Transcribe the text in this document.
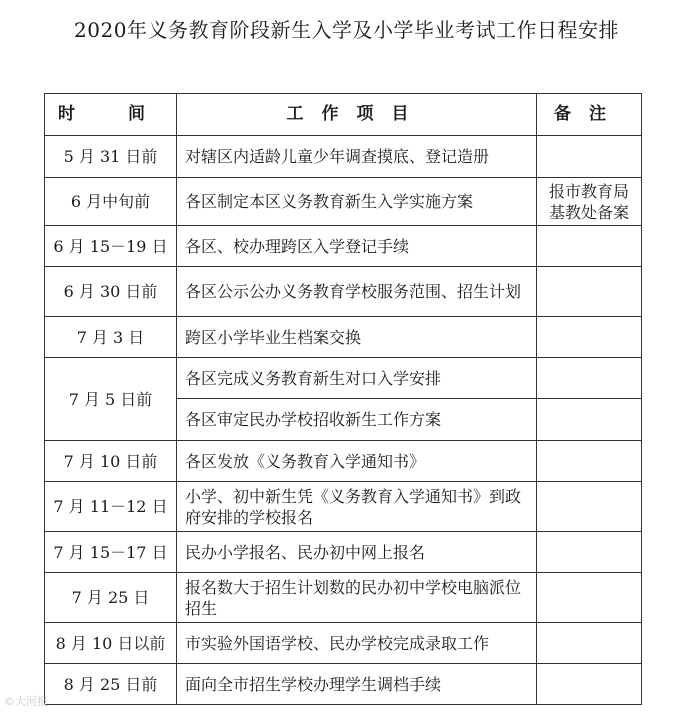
2020年义务教育阶段新生入学及小学毕业考试工作日程安排
时　间	工作项目	备注
5 月 31 日前	对辖区内适龄儿童少年调查摸底、登记造册	
6 月中旬前	各区制定本区义务教育新生入学实施方案	报市教育局基教处备案
6 月 15－19 日	各区、校办理跨区入学登记手续	
6 月 30 日前	各区公示公办义务教育学校服务范围、招生计划	
7 月 3 日	跨区小学毕业生档案交换	
7 月 5 日前	各区完成义务教育新生对口入学安排	
	各区审定民办学校招收新生工作方案	
7 月 10 日前	各区发放《义务教育入学通知书》	
7 月 11－12 日	小学、初中新生凭《义务教育入学通知书》到政府安排的学校报名	
7 月 15－17 日	民办小学报名、民办初中网上报名	
7 月 25 日	报名数大于招生计划数的民办初中学校电脑派位招生	
8 月 10 日以前	市实验外国语学校、民办学校完成录取工作	
8 月 25 日前	面向全市招生学校办理学生调档手续	
©大河报
